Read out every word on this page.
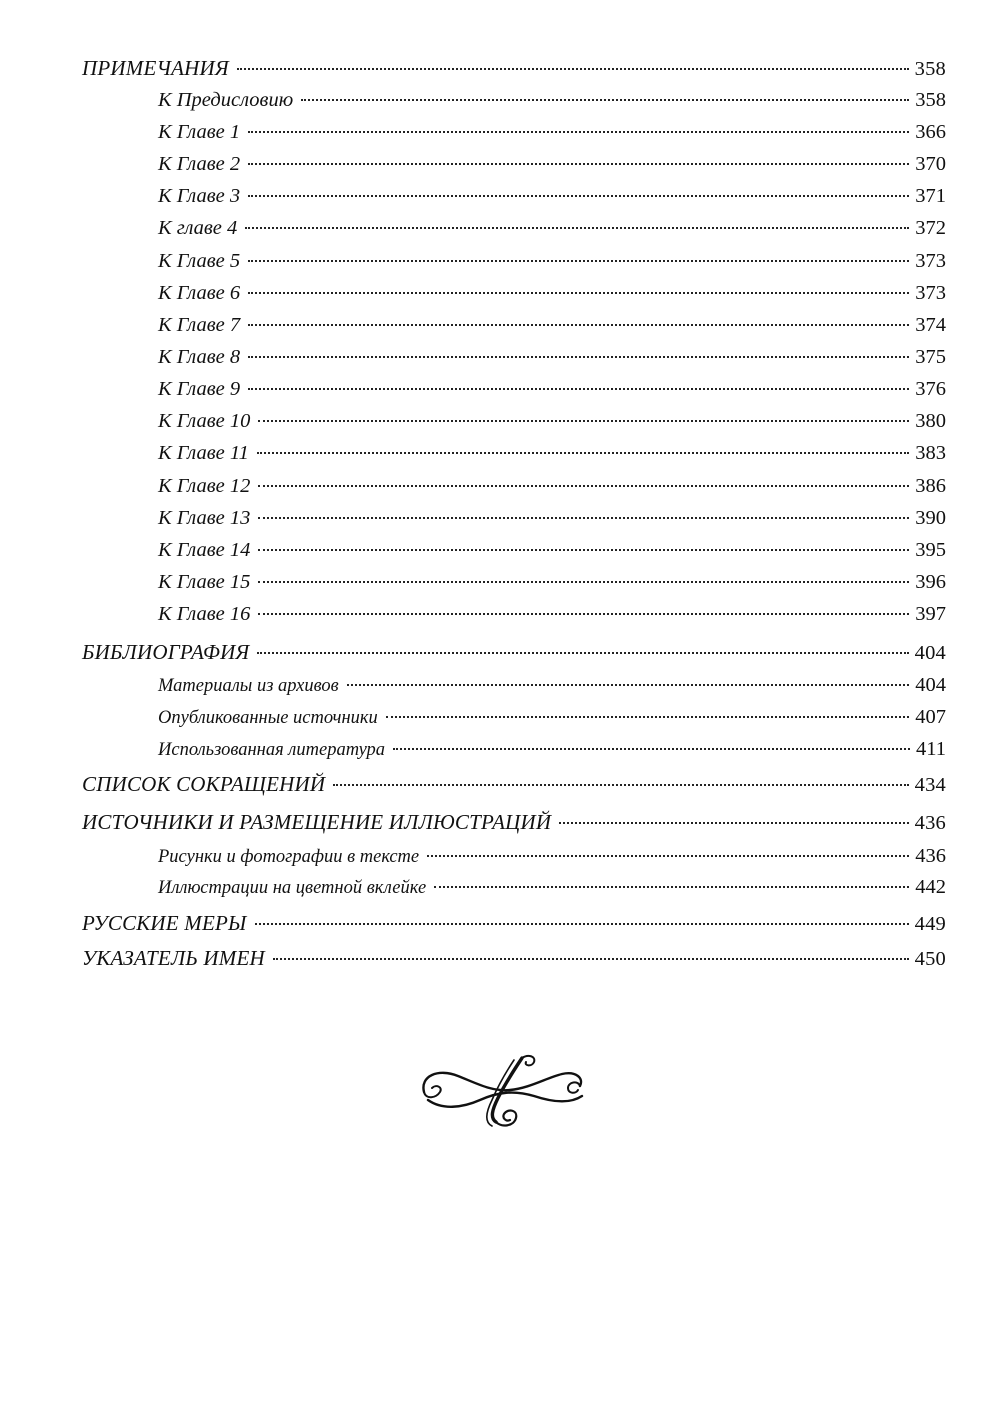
ПРИМЕЧАНИЯ	358
К Предисловию	358
К Главе 1	366
К Главе 2	370
К Главе 3	371
К главе 4	372
К Главе 5	373
К Главе 6	373
К Главе 7	374
К Главе 8	375
К Главе 9	376
К Главе 10	380
К Главе 11	383
К Главе 12	386
К Главе 13	390
К Главе 14	395
К Главе 15	396
К Главе 16	397
БИБЛИОГРАФИЯ	404
Материалы из архивов	404
Опубликованные источники	407
Использованная литература	411
СПИСОК СОКРАЩЕНИЙ	434
ИСТОЧНИКИ И РАЗМЕЩЕНИЕ ИЛЛЮСТРАЦИЙ	436
Рисунки и фотографии в тексте	436
Иллюстрации на цветной вклейке	442
РУССКИЕ МЕРЫ	449
УКАЗАТЕЛЬ ИМЕН	450
